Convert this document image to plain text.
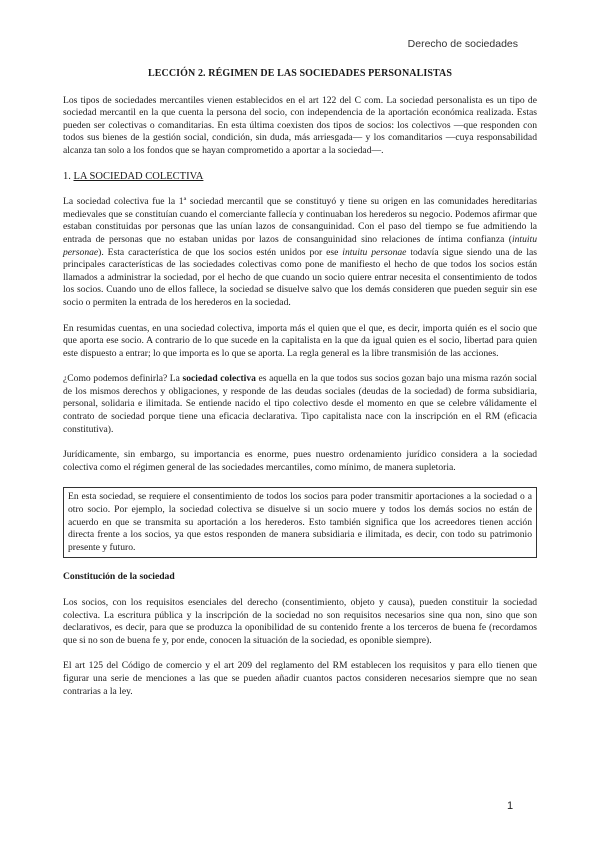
Derecho de sociedades

LECCIÓN 2. RÉGIMEN DE LAS SOCIEDADES PERSONALISTAS

Los tipos de sociedades mercantiles vienen establecidos en el art 122 del C com. La sociedad personalista es un tipo de sociedad mercantil en la que cuenta la persona del socio, con independencia de la aportación económica realizada. Estas pueden ser colectivas o comanditarias. En esta última coexisten dos tipos de socios: los colectivos —que responden con todos sus bienes de la gestión social, condición, sin duda, más arriesgada— y los comanditarios —cuya responsabilidad alcanza tan solo a los fondos que se hayan comprometido a aportar a la sociedad—.

1. LA SOCIEDAD COLECTIVA

La sociedad colectiva fue la 1ª sociedad mercantil que se constituyó y tiene su origen en las comunidades hereditarias medievales que se constituían cuando el comerciante fallecía y continuaban los herederos su negocio. Podemos afirmar que estaban constituidas por personas que las unían lazos de consanguinidad. Con el paso del tiempo se fue admitiendo la entrada de personas que no estaban unidas por lazos de consanguinidad sino relaciones de íntima confianza (intuitu personae). Esta característica de que los socios estén unidos por ese intuitu personae todavía sigue siendo una de las principales características de las sociedades colectivas como pone de manifiesto el hecho de que todos los socios están llamados a administrar la sociedad, por el hecho de que cuando un socio quiere entrar necesita el consentimiento de todos los socios. Cuando uno de ellos fallece, la sociedad se disuelve salvo que los demás consideren que pueden seguir sin ese socio o permiten la entrada de los herederos en la sociedad.

En resumidas cuentas, en una sociedad colectiva, importa más el quien que el que, es decir, importa quién es el socio que que aporta ese socio. A contrario de lo que sucede en la capitalista en la que da igual quien es el socio, libertad para quien este dispuesto a entrar; lo que importa es lo que se aporta. La regla general es la libre transmisión de las acciones.

¿Como podemos definirla? La sociedad colectiva es aquella en la que todos sus socios gozan bajo una misma razón social de los mismos derechos y obligaciones, y responde de las deudas sociales (deudas de la sociedad) de forma subsidiaria, personal, solidaria e ilimitada. Se entiende nacido el tipo colectivo desde el momento en que se celebre válidamente el contrato de sociedad porque tiene una eficacia declarativa. Tipo capitalista nace con la inscripción en el RM (eficacia constitutiva).

Jurídicamente, sin embargo, su importancia es enorme, pues nuestro ordenamiento jurídico considera a la sociedad colectiva como el régimen general de las sociedades mercantiles, como mínimo, de manera supletoria.

En esta sociedad, se requiere el consentimiento de todos los socios para poder transmitir aportaciones a la sociedad o a otro socio. Por ejemplo, la sociedad colectiva se disuelve si un socio muere y todos los demás socios no están de acuerdo en que se transmita su aportación a los herederos. Esto también significa que los acreedores tienen acción directa frente a los socios, ya que estos responden de manera subsidiaria e ilimitada, es decir, con todo su patrimonio presente y futuro.

Constitución de la sociedad

Los socios, con los requisitos esenciales del derecho (consentimiento, objeto y causa), pueden constituir la sociedad colectiva. La escritura pública y la inscripción de la sociedad no son requisitos necesarios sine qua non, sino que son declarativos, es decir, para que se produzca la oponibilidad de su contenido frente a los terceros de buena fe (recordamos que si no son de buena fe y, por ende, conocen la situación de la sociedad, es oponible siempre).

El art 125 del Código de comercio y el art 209 del reglamento del RM establecen los requisitos y para ello tienen que figurar una serie de menciones a las que se pueden añadir cuantos pactos consideren necesarios siempre que no sean contrarias a la ley.

1
